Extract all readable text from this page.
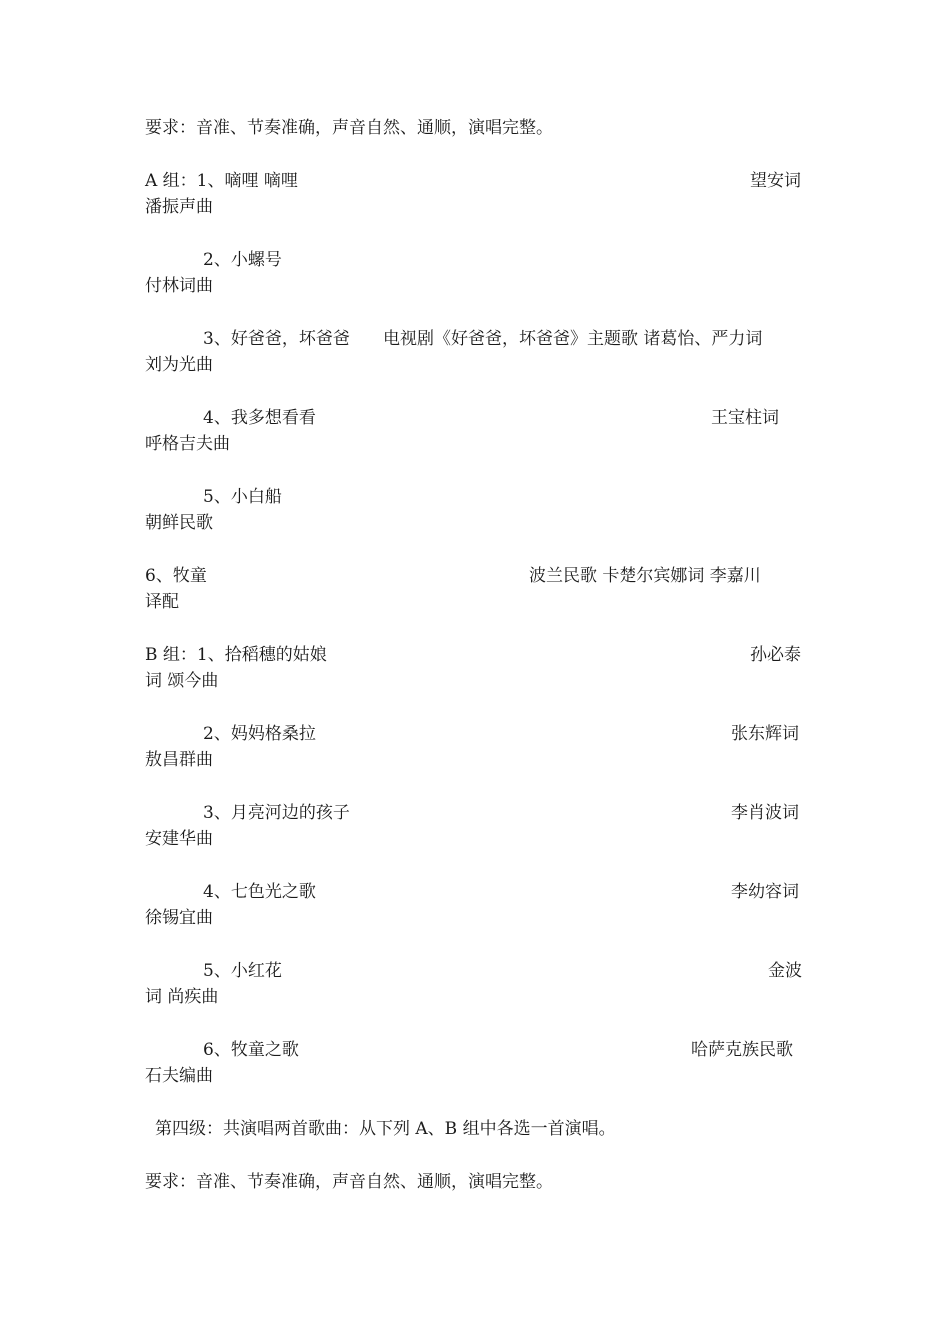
要求：音准、节奏准确，声音自然、通顺，演唱完整。
A 组：1、嘀哩 嘀哩	望安词
潘振声曲
2、小螺号
付林词曲
3、好爸爸，坏爸爸 电视剧《好爸爸，坏爸爸》主题歌 诸葛怡、严力词
刘为光曲
4、我多想看看	王宝柱词
呼格吉夫曲
5、小白船
朝鲜民歌
6、牧童	波兰民歌 卡楚尔宾娜词 李嘉川
译配
B 组：1、拾稻穗的姑娘	孙必泰
词 颂今曲
2、妈妈格桑拉	张东辉词
敖昌群曲
3、月亮河边的孩子	李肖波词
安建华曲
4、七色光之歌	李幼容词
徐锡宜曲
5、小红花	金波
词 尚疾曲
6、牧童之歌	哈萨克族民歌
石夫编曲
第四级：共演唱两首歌曲：从下列 A、B 组中各选一首演唱。
要求：音准、节奏准确，声音自然、通顺，演唱完整。
